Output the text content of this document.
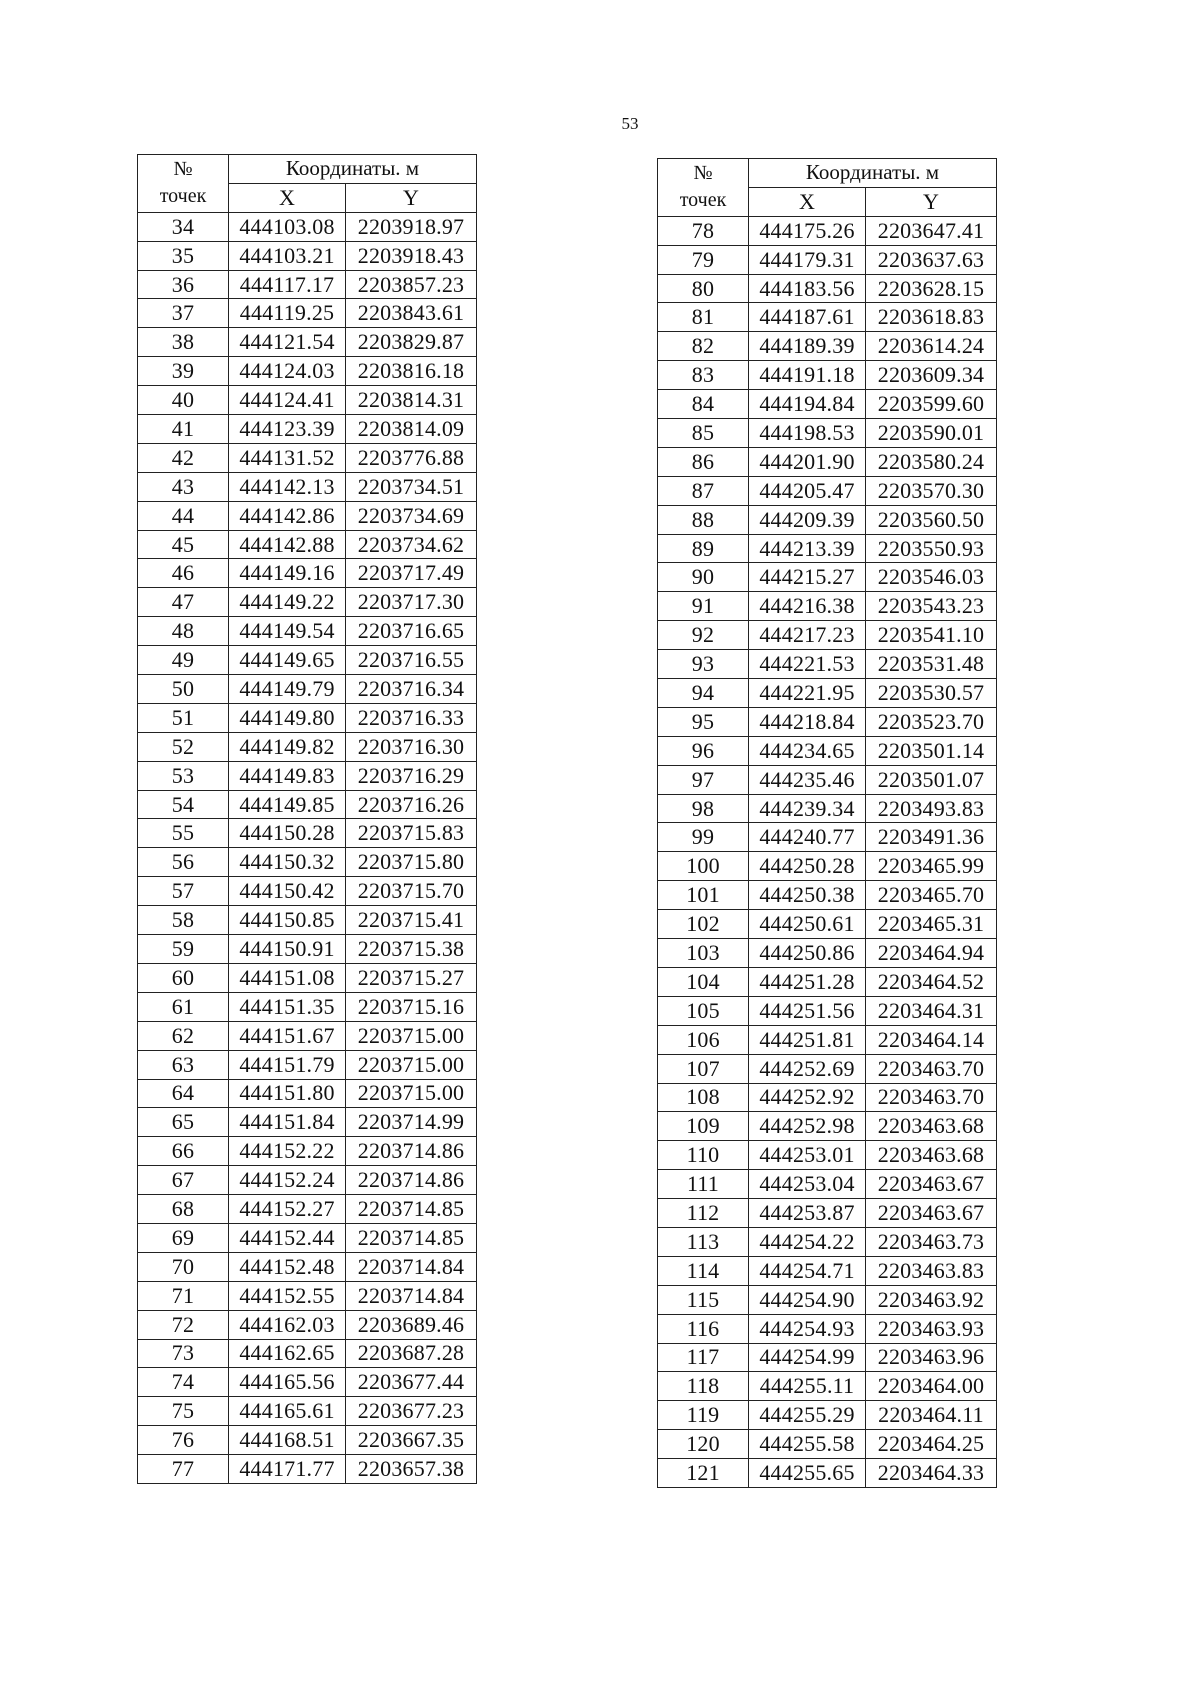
53
№
точек	Координаты. м	
	X	Y
34	444103.08	2203918.97
35	444103.21	2203918.43
36	444117.17	2203857.23
37	444119.25	2203843.61
38	444121.54	2203829.87
39	444124.03	2203816.18
40	444124.41	2203814.31
41	444123.39	2203814.09
42	444131.52	2203776.88
43	444142.13	2203734.51
44	444142.86	2203734.69
45	444142.88	2203734.62
46	444149.16	2203717.49
47	444149.22	2203717.30
48	444149.54	2203716.65
49	444149.65	2203716.55
50	444149.79	2203716.34
51	444149.80	2203716.33
52	444149.82	2203716.30
53	444149.83	2203716.29
54	444149.85	2203716.26
55	444150.28	2203715.83
56	444150.32	2203715.80
57	444150.42	2203715.70
58	444150.85	2203715.41
59	444150.91	2203715.38
60	444151.08	2203715.27
61	444151.35	2203715.16
62	444151.67	2203715.00
63	444151.79	2203715.00
64	444151.80	2203715.00
65	444151.84	2203714.99
66	444152.22	2203714.86
67	444152.24	2203714.86
68	444152.27	2203714.85
69	444152.44	2203714.85
70	444152.48	2203714.84
71	444152.55	2203714.84
72	444162.03	2203689.46
73	444162.65	2203687.28
74	444165.56	2203677.44
75	444165.61	2203677.23
76	444168.51	2203667.35
77	444171.77	2203657.38
№
точек	Координаты. м	
	X	Y
78	444175.26	2203647.41
79	444179.31	2203637.63
80	444183.56	2203628.15
81	444187.61	2203618.83
82	444189.39	2203614.24
83	444191.18	2203609.34
84	444194.84	2203599.60
85	444198.53	2203590.01
86	444201.90	2203580.24
87	444205.47	2203570.30
88	444209.39	2203560.50
89	444213.39	2203550.93
90	444215.27	2203546.03
91	444216.38	2203543.23
92	444217.23	2203541.10
93	444221.53	2203531.48
94	444221.95	2203530.57
95	444218.84	2203523.70
96	444234.65	2203501.14
97	444235.46	2203501.07
98	444239.34	2203493.83
99	444240.77	2203491.36
100	444250.28	2203465.99
101	444250.38	2203465.70
102	444250.61	2203465.31
103	444250.86	2203464.94
104	444251.28	2203464.52
105	444251.56	2203464.31
106	444251.81	2203464.14
107	444252.69	2203463.70
108	444252.92	2203463.70
109	444252.98	2203463.68
110	444253.01	2203463.68
111	444253.04	2203463.67
112	444253.87	2203463.67
113	444254.22	2203463.73
114	444254.71	2203463.83
115	444254.90	2203463.92
116	444254.93	2203463.93
117	444254.99	2203463.96
118	444255.11	2203464.00
119	444255.29	2203464.11
120	444255.58	2203464.25
121	444255.65	2203464.33
